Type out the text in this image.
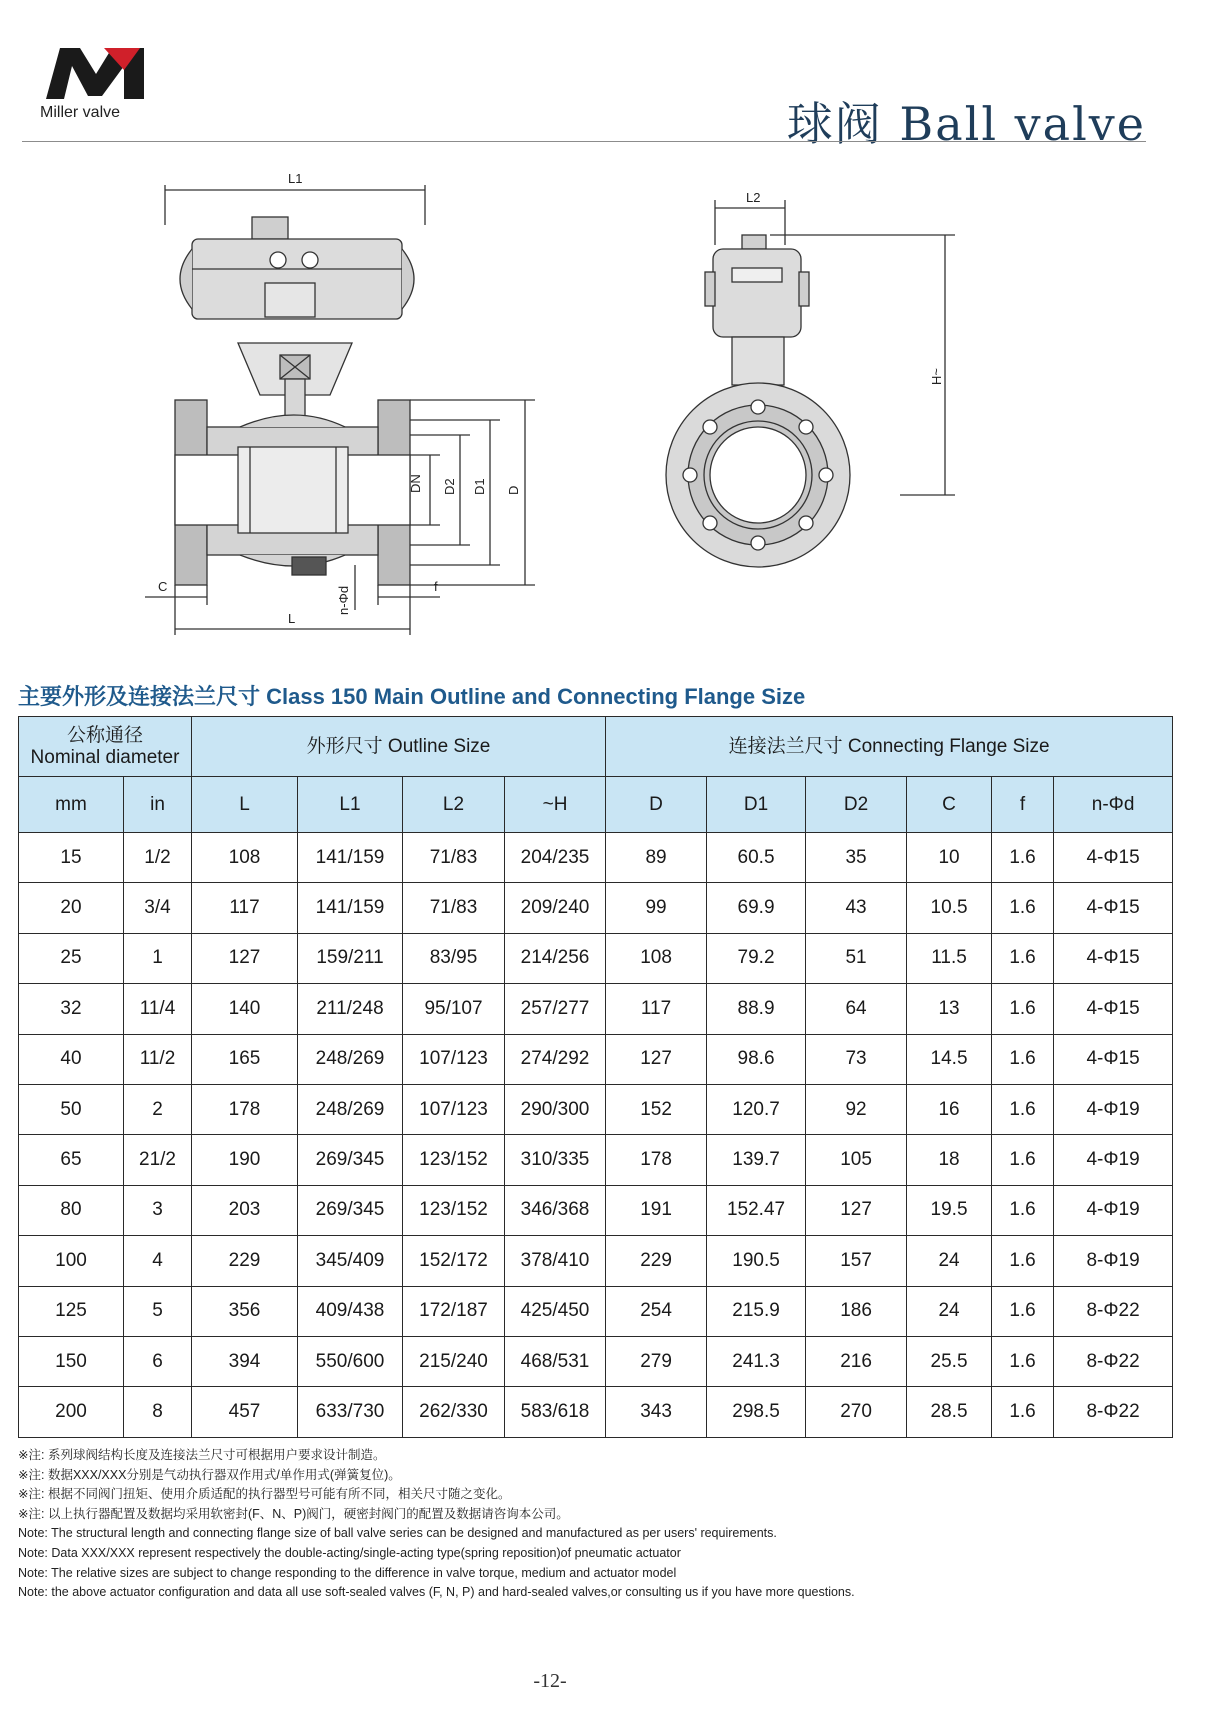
Miller valve	球阀 Ball valve
L1
L
C	f
DN D2 D1 D
n-Φd
L2
~H
主要外形及连接法兰尺寸 Class 150 Main Outline and Connecting Flange Size
公称通径
Nominal diameter		外形尺寸 Outline Size				连接法兰尺寸 Connecting Flange Size					
mm	in	L	L1	L2	~H	D	D1	D2	C	f	n-Φd
15	1/2	108	141/159	71/83	204/235	89	60.5	35	10	1.6	4-Φ15
20	3/4	117	141/159	71/83	209/240	99	69.9	43	10.5	1.6	4-Φ15
25	1	127	159/211	83/95	214/256	108	79.2	51	11.5	1.6	4-Φ15
32	11/4	140	211/248	95/107	257/277	117	88.9	64	13	1.6	4-Φ15
40	11/2	165	248/269	107/123	274/292	127	98.6	73	14.5	1.6	4-Φ15
50	2	178	248/269	107/123	290/300	152	120.7	92	16	1.6	4-Φ19
65	21/2	190	269/345	123/152	310/335	178	139.7	105	18	1.6	4-Φ19
80	3	203	269/345	123/152	346/368	191	152.47	127	19.5	1.6	4-Φ19
100	4	229	345/409	152/172	378/410	229	190.5	157	24	1.6	8-Φ19
125	5	356	409/438	172/187	425/450	254	215.9	186	24	1.6	8-Φ22
150	6	394	550/600	215/240	468/531	279	241.3	216	25.5	1.6	8-Φ22
200	8	457	633/730	262/330	583/618	343	298.5	270	28.5	1.6	8-Φ22
※注: 系列球阀结构长度及连接法兰尺寸可根据用户要求设计制造。
※注: 数据XXX/XXX分别是气动执行器双作用式/单作用式(弹簧复位)。
※注: 根据不同阀门扭矩、使用介质适配的执行器型号可能有所不同，相关尺寸随之变化。
※注: 以上执行器配置及数据均采用软密封(F、N、P)阀门，硬密封阀门的配置及数据请咨询本公司。
Note: The structural length and connecting flange size of ball valve series can be designed and manufactured as per users' requirements.
Note: Data XXX/XXX represent respectively the double-acting/single-acting type(spring reposition)of pneumatic actuator
Note: The relative sizes are subject to change responding to the difference in valve torque, medium and actuator model
Note: the above actuator configuration and data all use soft-sealed valves (F, N, P) and hard-sealed valves,or consulting us if you have more questions.
-12-
